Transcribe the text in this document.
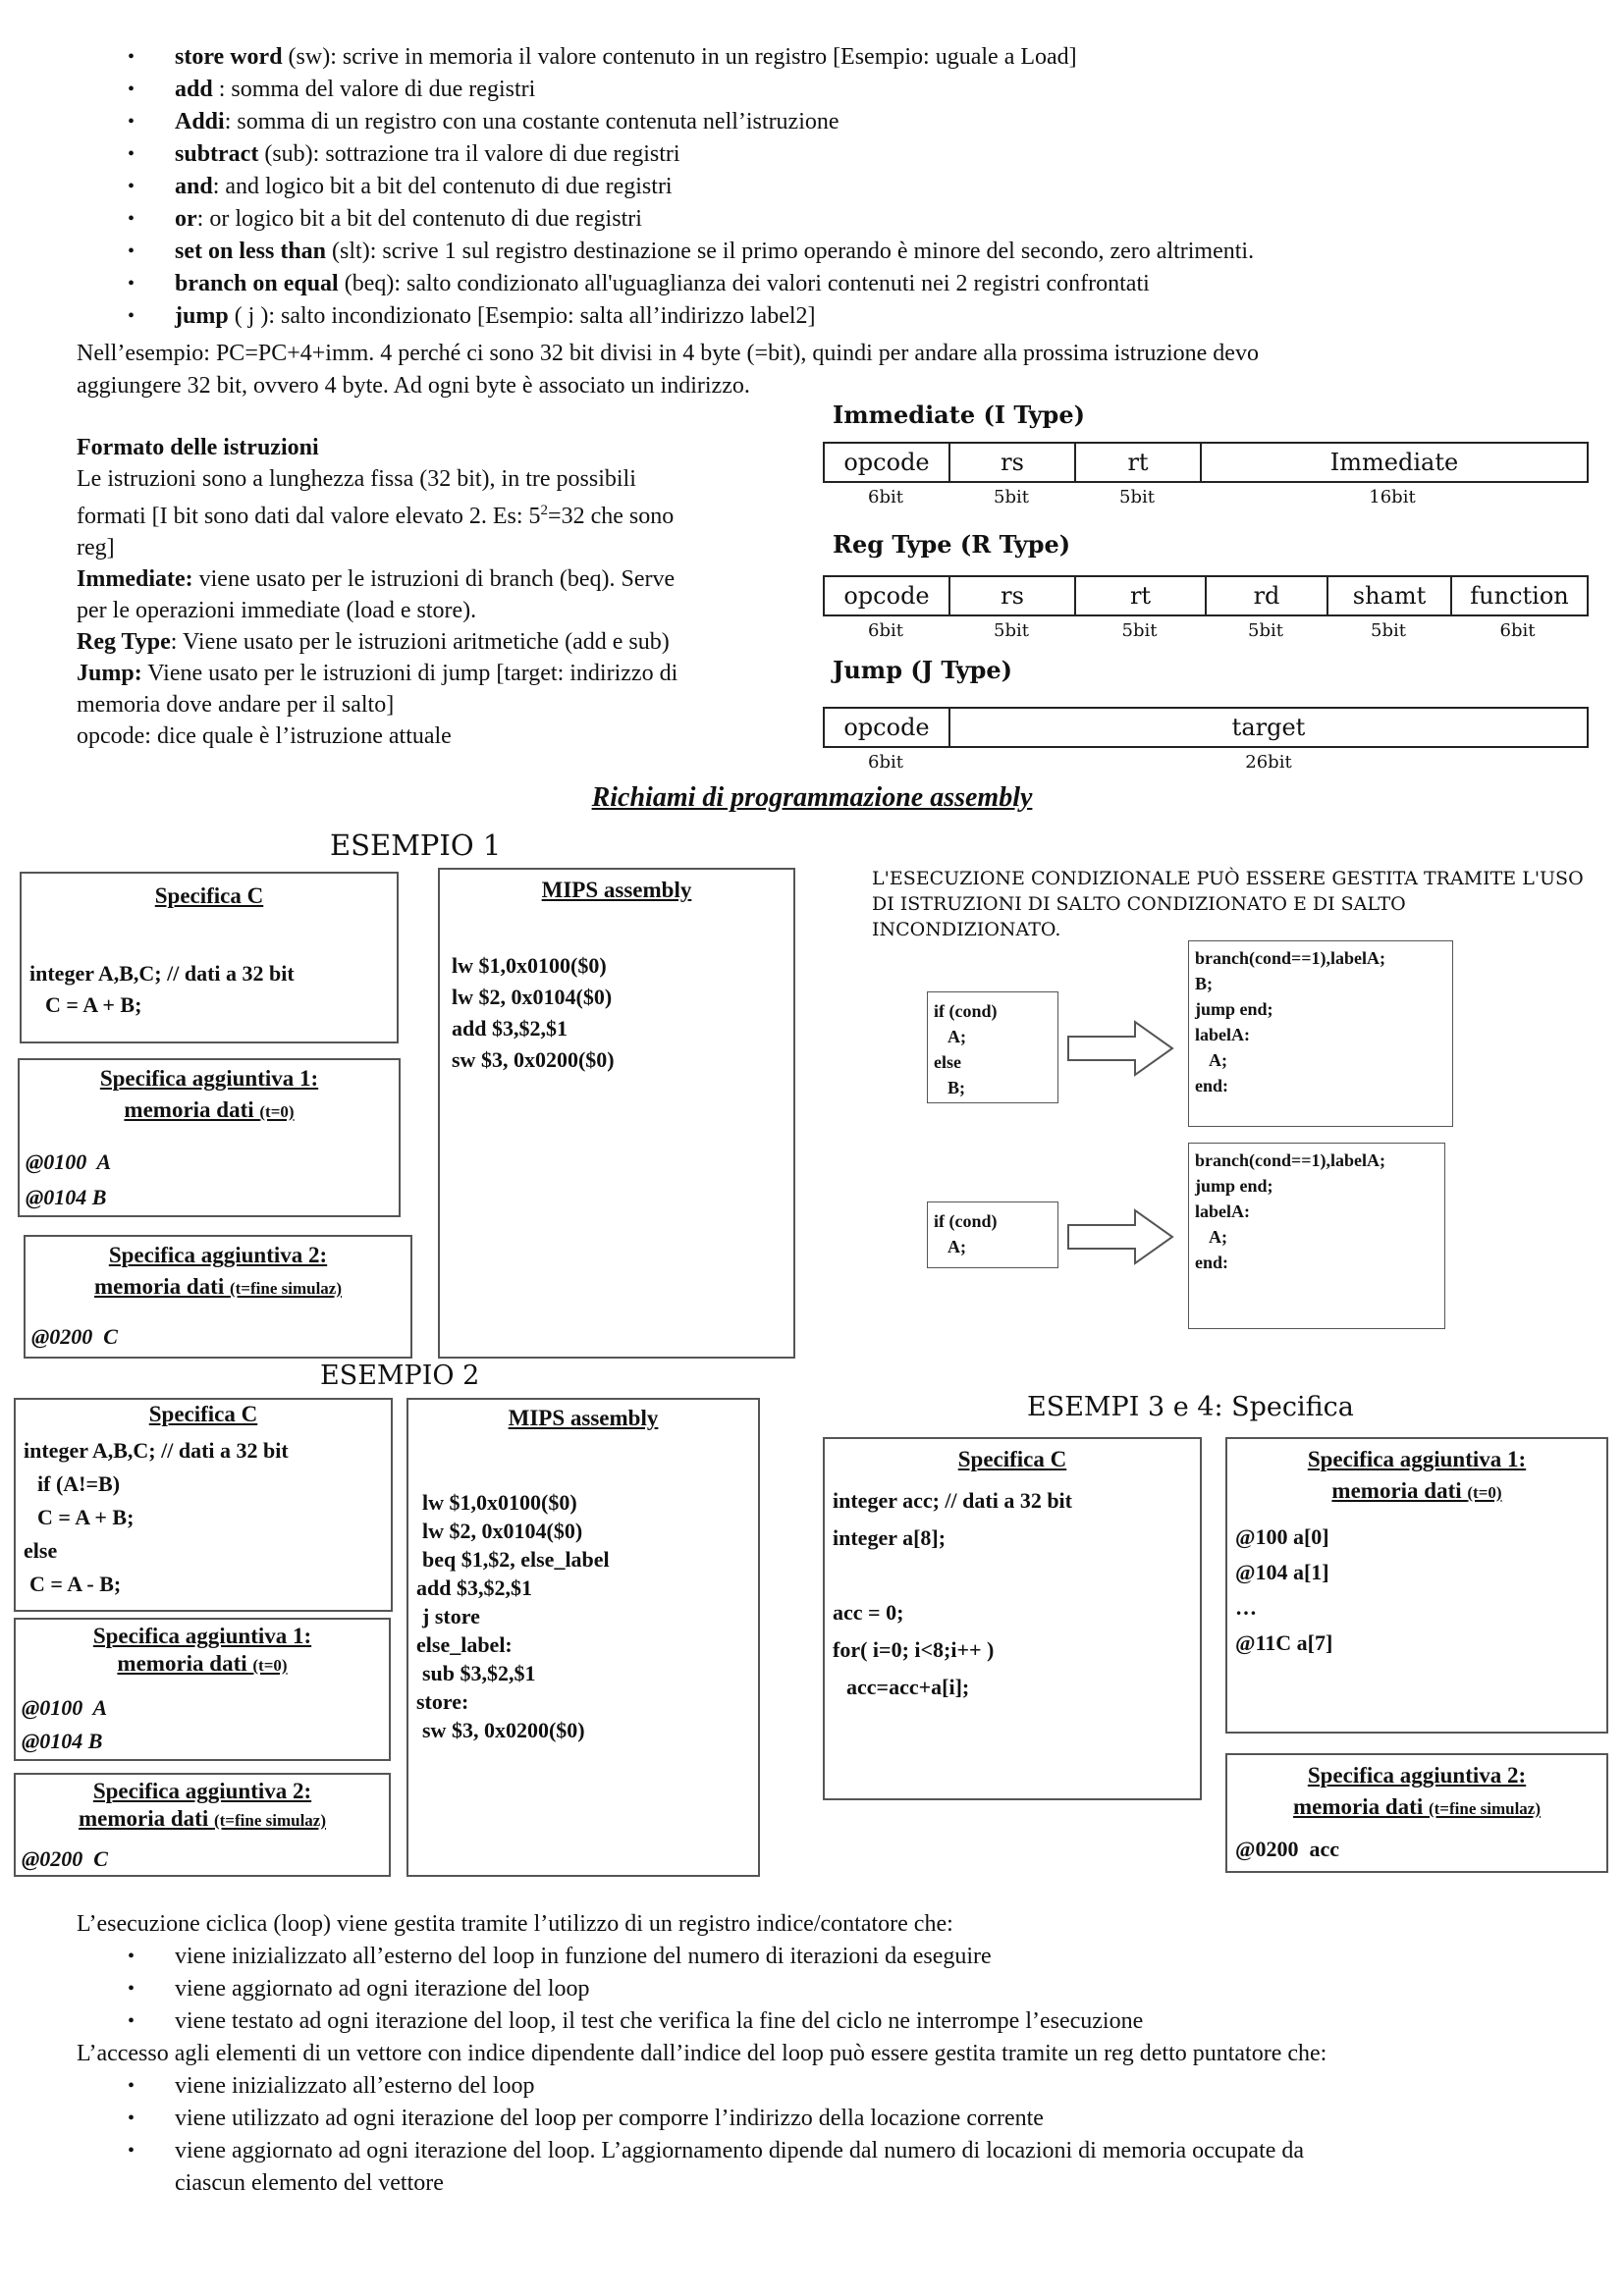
• store word (sw): scrive in memoria il valore contenuto in un registro [Esempio: uguale a Load]
• add : somma del valore di due registri
• Addi: somma di un registro con una costante contenuta nell’istruzione
• subtract (sub): sottrazione tra il valore di due registri
• and: and logico bit a bit del contenuto di due registri
• or: or logico bit a bit del contenuto di due registri
• set on less than (slt): scrive 1 sul registro destinazione se il primo operando è minore del secondo, zero altrimenti.
• branch on equal (beq): salto condizionato all'uguaglianza dei valori contenuti nei 2 registri confrontati
• jump ( j ): salto incondizionato [Esempio: salta all’indirizzo label2]
Nell’esempio: PC=PC+4+imm. 4 perché ci sono 32 bit divisi in 4 byte (=bit), quindi per andare alla prossima istruzione devo
aggiungere 32 bit, ovvero 4 byte. Ad ogni byte è associato un indirizzo.
Formato delle istruzioni
Le istruzioni sono a lunghezza fissa (32 bit), in tre possibili
formati [I bit sono dati dal valore elevato 2. Es: $5^2=32$ che sono
reg]
Immediate: viene usato per le istruzioni di branch (beq). Serve
per le operazioni immediate (load e store).
Reg Type: Viene usato per le istruzioni aritmetiche (add e sub)
Jump: Viene usato per le istruzioni di jump [target: indirizzo di
memoria dove andare per il salto]
opcode: dice quale è l’istruzione attuale
Immediate (I Type)
opcode	rs	rt	Immediate
6bit	5bit	5bit	16bit
Reg Type (R Type)
opcode	rs	rt	rd	shamt	function
6bit	5bit	5bit	5bit	5bit	6bit
Jump (J Type)
opcode	target
6bit	26bit
Richiami di programmazione assembly
ESEMPIO 1
Specifica C
integer A,B,C; // dati a 32 bit
C = A + B;
MIPS assembly
lw $1,0x0100($0)
lw $2, 0x0104($0)
add $3,$2,$1
sw $3, 0x0200($0)
Specifica aggiuntiva 1:
memoria dati (t=0)
@0100  A
@0104 B
Specifica aggiuntiva 2:
memoria dati (t=fine simulaz)
@0200  C
L'ESECUZIONE CONDIZIONALE PUÒ ESSERE GESTITA TRAMITE L'USO
DI ISTRUZIONI DI SALTO CONDIZIONATO E DI SALTO
INCONDIZIONATO.
if (cond)
A;
else
B;
branch(cond==1),labelA;
B;
jump end;
labelA:
A;
end:
if (cond)
A;
branch(cond==1),labelA;
jump end;
labelA:
A;
end:
ESEMPIO 2
Specifica C
integer A,B,C; // dati a 32 bit
if (A!=B)
C = A + B;
else
C = A - B;
MIPS assembly
lw $1,0x0100($0)
lw $2, 0x0104($0)
beq $1,$2, else_label
add $3,$2,$1
j store
else_label:
sub $3,$2,$1
store:
sw $3, 0x0200($0)
Specifica aggiuntiva 1:
memoria dati (t=0)
@0100  A
@0104 B
Specifica aggiuntiva 2:
memoria dati (t=fine simulaz)
@0200  C
ESEMPI 3 e 4: Specifica
Specifica C
integer acc; // dati a 32 bit
integer a[8];
acc = 0;
for( i=0; i<8;i++ )
acc=acc+a[i];
Specifica aggiuntiva 1:
memoria dati (t=0)
@100 a[0]
@104 a[1]
…
@11C a[7]
Specifica aggiuntiva 2:
memoria dati (t=fine simulaz)
@0200  acc
L’esecuzione ciclica (loop) viene gestita tramite l’utilizzo di un registro indice/contatore che:
• viene inizializzato all’esterno del loop in funzione del numero di iterazioni da eseguire
• viene aggiornato ad ogni iterazione del loop
• viene testato ad ogni iterazione del loop, il test che verifica la fine del ciclo ne interrompe l’esecuzione
L’accesso agli elementi di un vettore con indice dipendente dall’indice del loop può essere gestita tramite un reg detto puntatore che:
• viene inizializzato all’esterno del loop
• viene utilizzato ad ogni iterazione del loop per comporre l’indirizzo della locazione corrente
• viene aggiornato ad ogni iterazione del loop. L’aggiornamento dipende dal numero di locazioni di memoria occupate da
ciascun elemento del vettore
